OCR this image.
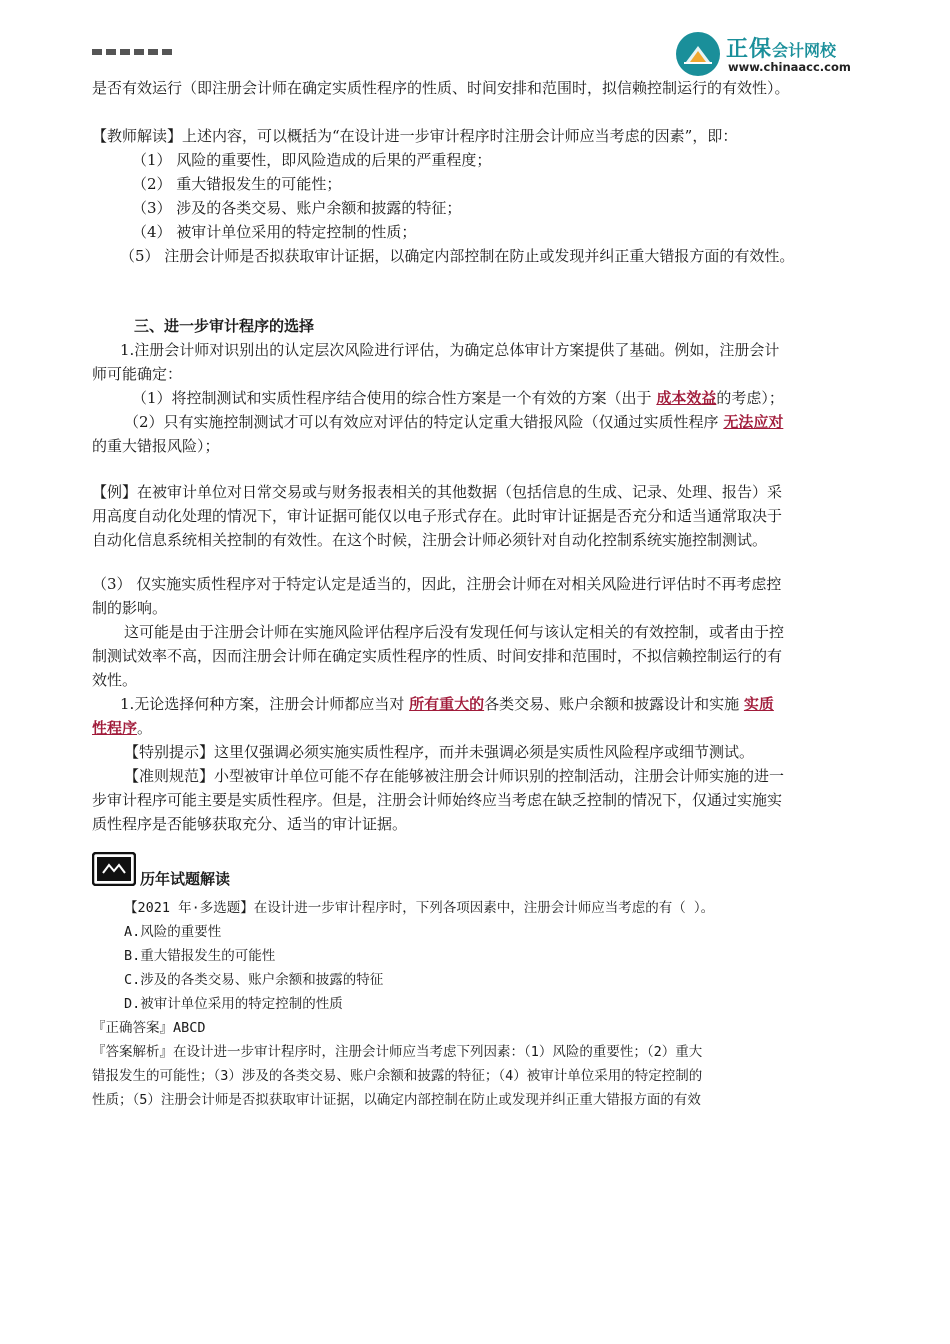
正保会计网校
www.chinaacc.com
是否有效运行（即注册会计师在确定实质性程序的性质、时间安排和范围时，拟信赖控制运行的有效性）。
【教师解读】上述内容，可以概括为“在设计进一步审计程序时注册会计师应当考虑的因素”，即：
（1） 风险的重要性，即风险造成的后果的严重程度；
（2） 重大错报发生的可能性；
（3） 涉及的各类交易、账户余额和披露的特征；
（4） 被审计单位采用的特定控制的性质；
（5） 注册会计师是否拟获取审计证据，以确定内部控制在防止或发现并纠正重大错报方面的有效性。
三、进一步审计程序的选择
1.注册会计师对识别出的认定层次风险进行评估，为确定总体审计方案提供了基础。例如，注册会计
师可能确定：
（1）将控制测试和实质性程序结合使用的综合性方案是一个有效的方案（出于 成本效益的考虑）；
（2）只有实施控制测试才可以有效应对评估的特定认定重大错报风险（仅通过实质性程序 无法应对
的重大错报风险）；
【例】在被审计单位对日常交易或与财务报表相关的其他数据（包括信息的生成、记录、处理、报告）采
用高度自动化处理的情况下，审计证据可能仅以电子形式存在。此时审计证据是否充分和适当通常取决于
自动化信息系统相关控制的有效性。在这个时候，注册会计师必须针对自动化控制系统实施控制测试。
（3） 仅实施实质性程序对于特定认定是适当的，因此，注册会计师在对相关风险进行评估时不再考虑控
制的影响。
这可能是由于注册会计师在实施风险评估程序后没有发现任何与该认定相关的有效控制，或者由于控
制测试效率不高，因而注册会计师在确定实质性程序的性质、时间安排和范围时，不拟信赖控制运行的有
效性。
1.无论选择何种方案，注册会计师都应当对 所有重大的各类交易、账户余额和披露设计和实施 实质
性程序。
【特别提示】这里仅强调必须实施实质性程序，而并未强调必须是实质性风险程序或细节测试。
【准则规范】小型被审计单位可能不存在能够被注册会计师识别的控制活动，注册会计师实施的进一
步审计程序可能主要是实质性程序。但是，注册会计师始终应当考虑在缺乏控制的情况下，仅通过实施实
质性程序是否能够获取充分、适当的审计证据。
历年试题解读
【2021 年·多选题】在设计进一步审计程序时，下列各项因素中，注册会计师应当考虑的有（ ）。
A.风险的重要性
B.重大错报发生的可能性
C.涉及的各类交易、账户余额和披露的特征
D.被审计单位采用的特定控制的性质
『正确答案』ABCD
『答案解析』在设计进一步审计程序时，注册会计师应当考虑下列因素：（1）风险的重要性；（2）重大
错报发生的可能性；（3）涉及的各类交易、账户余额和披露的特征；（4）被审计单位采用的特定控制的
性质；（5）注册会计师是否拟获取审计证据，以确定内部控制在防止或发现并纠正重大错报方面的有效
